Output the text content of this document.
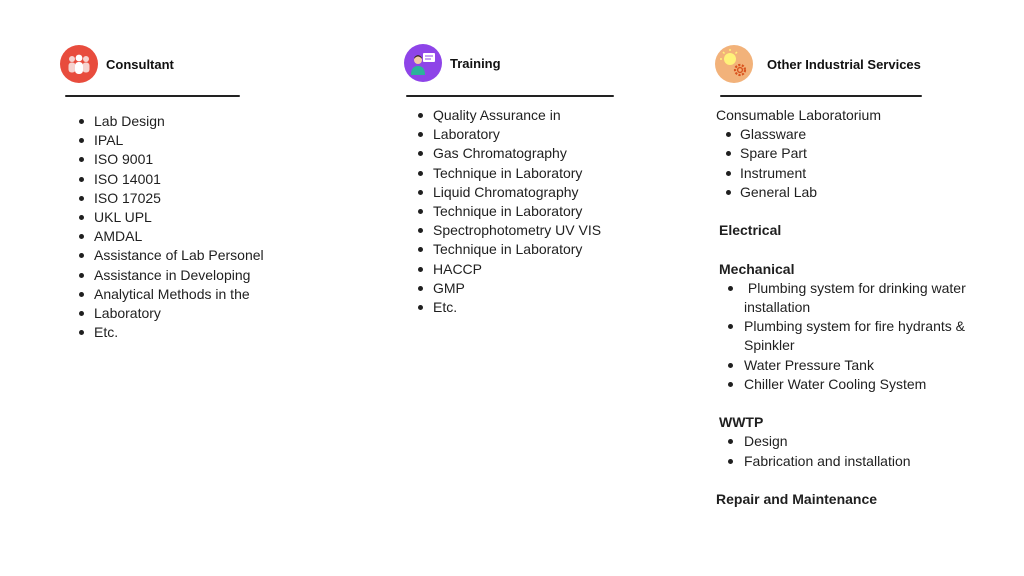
Consultant
Lab Design
IPAL
ISO 9001
ISO 14001
ISO 17025
UKL UPL
AMDAL
Assistance of Lab Personel
Assistance in Developing
Analytical Methods in the
Laboratory
Etc.
Training
Quality Assurance in
Laboratory
Gas Chromatography
Technique in Laboratory
Liquid Chromatography
Technique in Laboratory
Spectrophotometry UV VIS
Technique in Laboratory
HACCP
GMP
Etc.
Other Industrial Services
Consumable Laboratorium
Glassware
Spare Part
Instrument
General Lab
Electrical
Mechanical
Plumbing system for drinking water installation
Plumbing system for fire hydrants & Spinkler
Water Pressure Tank
Chiller Water Cooling System
WWTP
Design
Fabrication and installation
Repair and Maintenance
